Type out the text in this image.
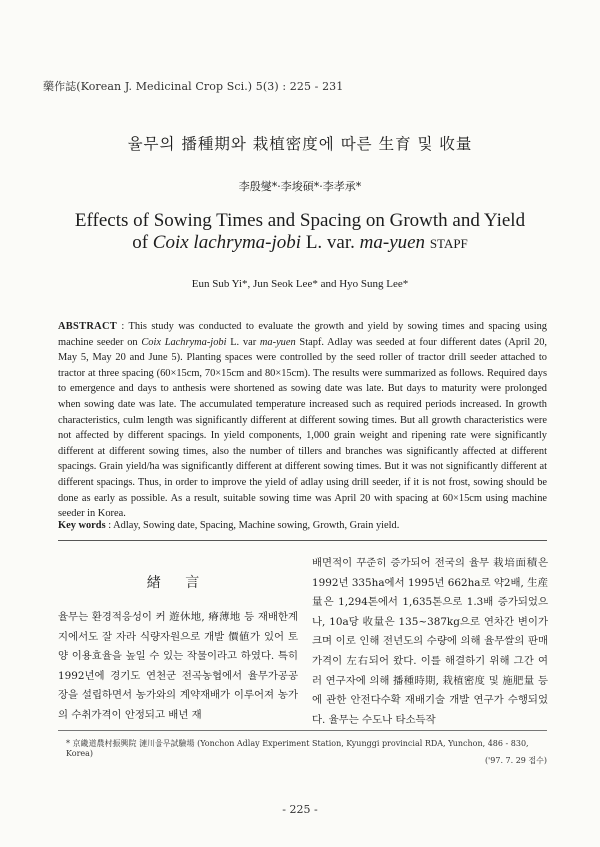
藥作誌(Korean J. Medicinal Crop Sci.) 5(3) : 225 - 231
율무의 播種期와 栽植密度에 따른 生育 및 收量
李殷燮*·李埈碩*·李孝承*
Effects of Sowing Times and Spacing on Growth and Yield
of Coix lachryma-jobi L. var. ma-yuen STAPF
Eun Sub Yi*, Jun Seok Lee* and Hyo Sung Lee*
ABSTRACT : This study was conducted to evaluate the growth and yield by sowing times and spacing using machine seeder on Coix Lachryma-jobi L. var ma-yuen Stapf. Adlay was seeded at four different dates (April 20, May 5, May 20 and June 5). Planting spaces were controlled by the seed roller of tractor drill seeder attached to tractor at three spacing (60×15cm, 70×15cm and 80×15cm). The results were summarized as follows. Required days to emergence and days to anthesis were shortened as sowing date was late. But days to maturity were prolonged when sowing date was late. The accumulated temperature increased such as required periods increased. In growth characteristics, culm length was significantly different at different sowing times. But all growth characteristics were not affected by different spacings. In yield components, 1,000 grain weight and ripening rate were significantly different at different sowing times, also the number of tillers and branches was significantly affected at different spacings. Grain yield/ha was significantly different at different sowing times. But it was not significantly different at different spacings. Thus, in order to improve the yield of adlay using drill seeder, if it is not frost, sowing should be done as early as possible. As a result, suitable sowing time was April 20 with spacing at 60×15cm using machine seeder in Korea.
Key words : Adlay, Sowing date, Spacing, Machine sowing, Growth, Grain yield.
緖 言
율무는 환경적응성이 커 遊休地, 瘠薄地 등 재배한계지에서도 잘 자라 식량자원으로 개발 價値가 있어 토양 이용효율을 높일 수 있는 작물이라고 하였다. 특히 1992년에 경기도 연천군 전곡농협에서 율무가공공장을 설립하면서 농가와의 계약재배가 이루어져 농가의 수취가격이 안정되고 배년 재
배면적이 꾸준히 증가되어 전국의 율무 栽培面積은 1992년 335ha에서 1995년 662ha로 약2배, 生産量은 1,294톤에서 1,635톤으로 1.3배 증가되었으나, 10a당 收量은 135~387kg으로 연차간 변이가 크며 이로 인해 전년도의 수량에 의해 율무쌀의 판매가격이 左右되어 왔다. 이를 해결하기 위해 그간 여러 연구자에 의해 播種時期, 栽植密度 및 施肥量 등에 관한 안전다수확 재배기술 개발 연구가 수행되었다. 율무는 수도나 타소득작
* 京畿道農村振興院 漣川율무試驗場 (Yonchon Adlay Experiment Station, Kyunggi provincial RDA, Yunchon, 486 - 830, Korea)
('97. 7. 29 접수)
- 225 -
